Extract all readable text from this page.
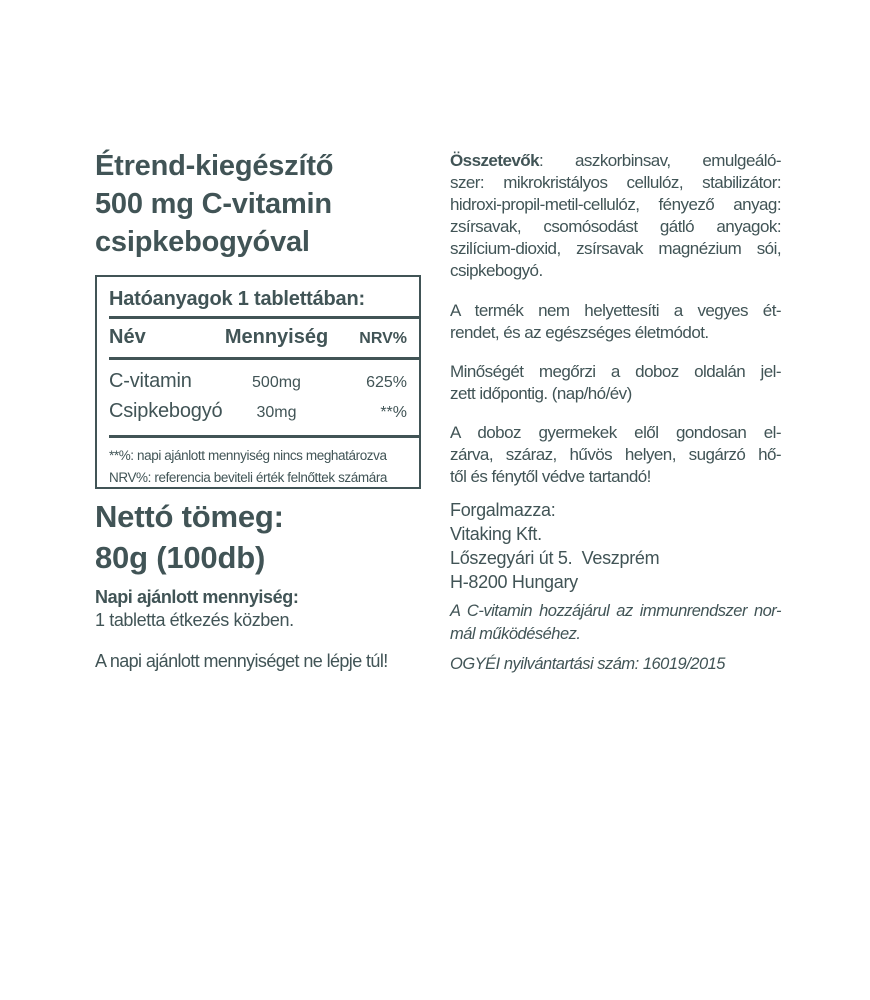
Étrend-kiegészítő
500 mg C-vitamin
csipkebogyóval
Hatóanyagok 1 tablettában:
Név	Mennyiség	NRV%
C-vitamin	500mg	625%
Csipkebogyó	30mg	**%
**%: napi ajánlott mennyiség nincs meghatározva
NRV%: referencia beviteli érték felnőttek számára
Nettó tömeg:
80g (100db)
Napi ajánlott mennyiség:
1 tabletta étkezés közben.
A napi ajánlott mennyiséget ne lépje túl!
Összetevők: aszkorbinsav, emulgeáló-
szer: mikrokristályos cellulóz, stabilizátor:
hidroxi-propil-metil-cellulóz, fényező anyag:
zsírsavak, csomósodást gátló anyagok:
szilícium-dioxid, zsírsavak magnézium sói,
csipkebogyó.
A termék nem helyettesíti a vegyes ét-
rendet, és az egészséges életmódot.
Minőségét megőrzi a doboz oldalán jel-
zett időpontig. (nap/hó/év)
A doboz gyermekek elől gondosan el-
zárva, száraz, hűvös helyen, sugárzó hő-
től és fénytől védve tartandó!
Forgalmazza:
Vitaking Kft.
Lőszegyári út 5.  Veszprém
H-8200 Hungary
A C-vitamin hozzájárul az immunrendszer nor-
mál működéséhez.
OGYÉI nyilvántartási szám: 16019/2015
